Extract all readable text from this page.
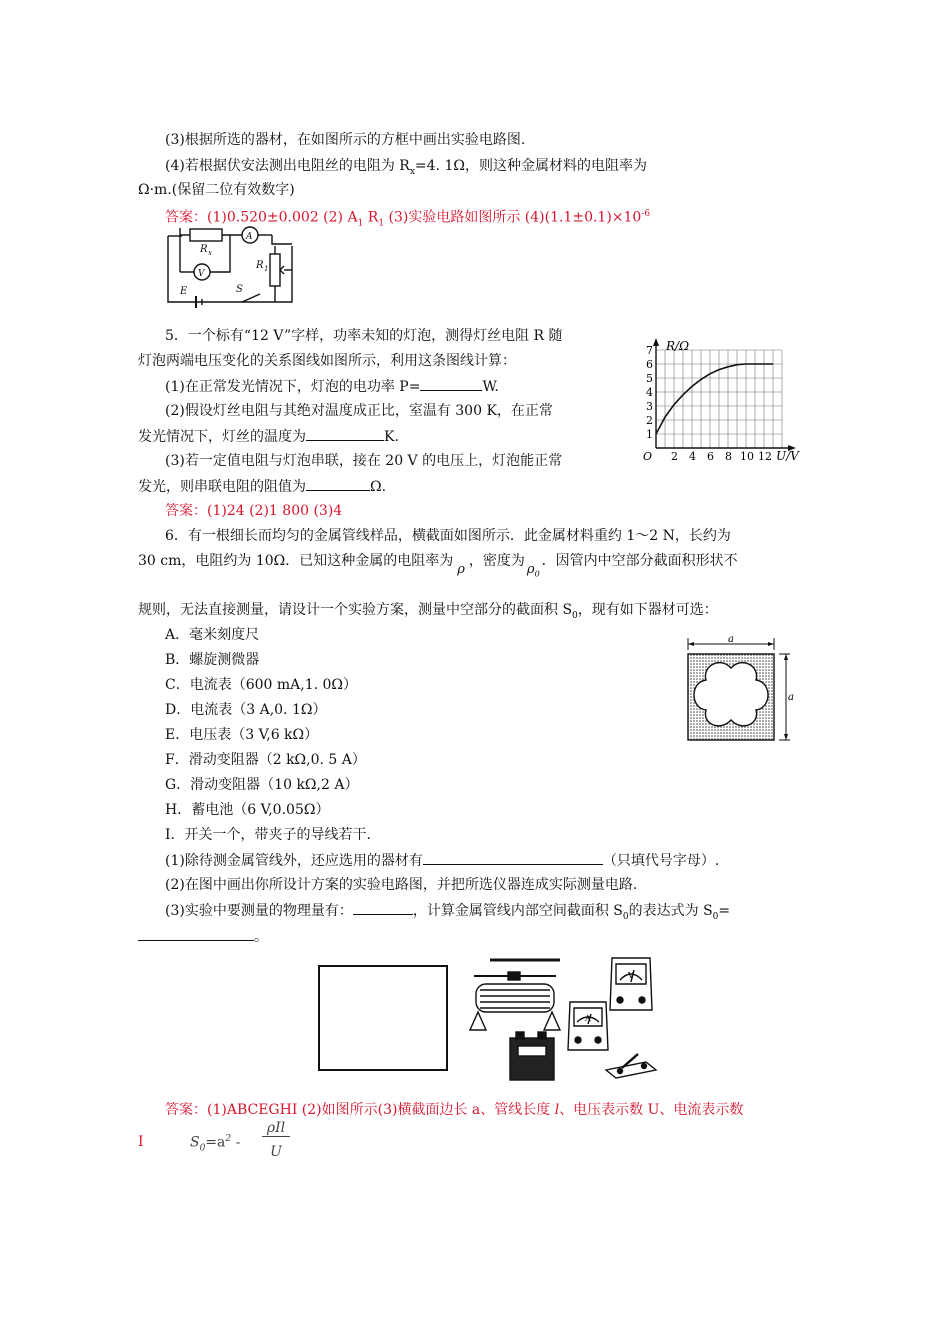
(3)根据所选的器材，在如图所示的方框中画出实验电路图.
(4)若根据伏安法测出电阻丝的电阻为 $R_x=4$. 1Ω，则这种金属材料的电阻率为
Ω·m.(保留二位有效数字)
答案：(1)0.520±0.002 (2) $A_1$ $R_1$ (3)实验电路如图所示 $(4)(1.1\pm 0.1)\times 10^{-6}$
R x
A
V
R 1
E	S
5．一个标有“12 V”字样，功率未知的灯泡，测得灯丝电阻 R 随
灯泡两端电压变化的关系图线如图所示，利用这条图线计算：
(1)在正常发光情况下，灯泡的电功率 P=	W.
(2)假设灯丝电阻与其绝对温度成正比，室温有 300 K，在正常
发光情况下，灯丝的温度为	K.
(3)若一定值电阻与灯泡串联，接在 20 V 的电压上，灯泡能正常
发光，则串联电阻的阻值为	Ω.
答案：(1)24 (2)1 800 (3)4
O 2 4 6 8 10 12
1
2
3
4
5
6
7 R/Ω
U/V
6．有一根细长而均匀的金属管线样品，横截面如图所示．此金属材料重约 1～2 N，长约为
30 cm，电阻约为 10Ω．已知这种金属的电阻率为ρ，密度为$\rho_0$．因管内中空部分截面积形状不
规则，无法直接测量，请设计一个实验方案，测量中空部分的截面积 $S_0$，现有如下器材可选：
A．毫米刻度尺
B．螺旋测微器
C．电流表（600 mA,1. 0Ω）
D．电流表（3 A,0. 1Ω）
E．电压表（3 V,6 kΩ）
F．滑动变阻器（2 kΩ,0. 5 A）
G．滑动变阻器（10 kΩ,2 A）
H．蓄电池（6 V,0.05Ω）
I．开关一个，带夹子的导线若干.
a
a
(1)除待测金属管线外，还应选用的器材有	（只填代号字母）.
(2)在图中画出你所设计方案的实验电路图，并把所选仪器连成实际测量电路.
(3)实验中要测量的物理量有：	，计算金属管线内部空间截面积 $S_0$的表达式为 $S_0=$
。
V
A
答案：(1)ABCEGHI (2)如图所示(3)横截面边长 a、管线长度 l、电压表示数 U、电流表示数
I	$S_0=a^2$ -
ρIl
U
